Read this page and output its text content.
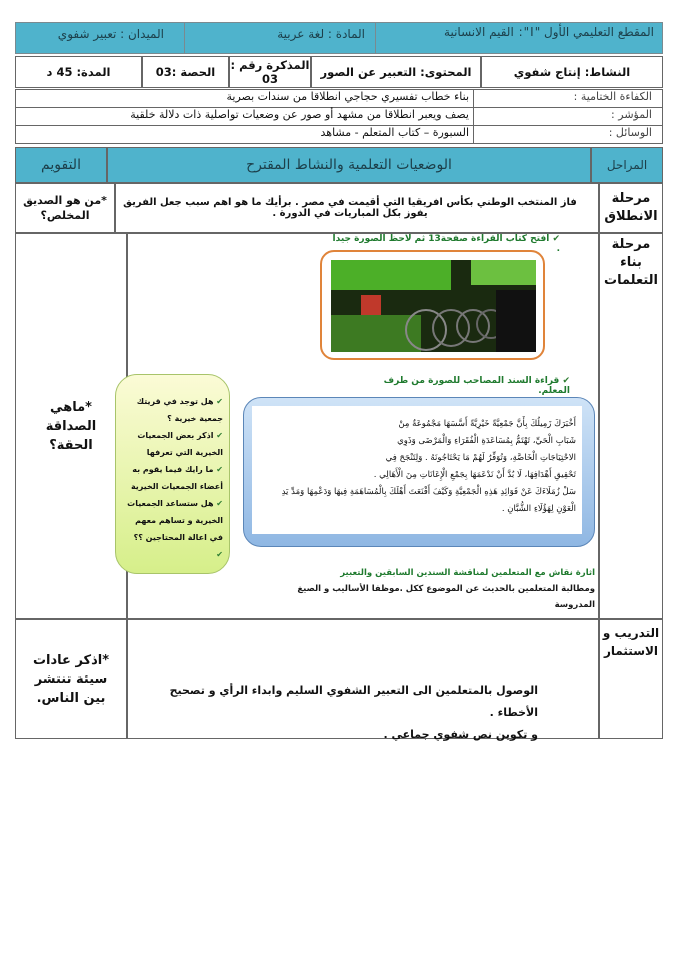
المقطع التعليمي الأول "I": القيم الانسانية
المادة : لغة عربية
الميدان : تعبير شفوي
النشاط: إنتاج شفوي
المحتوى: التعبير عن الصور
المذكرة رقم : 03
الحصة :03
المدة: 45 د
الكفاءة الختامية :
بناء خطاب تفسيري حجاجي انطلاقا من سندات بصرية
المؤشر :
يصف ويعبر انطلاقا من مشهد أو صور عن وضعيات تواصلية ذات دلالة خلقية
الوسائل :
السبورة – كتاب المتعلم - مشاهد
المراحل
الوضعيات التعلمية والنشاط المقترح
التقويم
مرحلة الانطلاق
فاز المنتخب الوطني بكأس افريقيا التي أقيمت في مصر . برأيك ما هو اهم سبب جعل الفريق يفوز بكل المباريات في الدورة .
*من هو الصديق المخلص؟
مرحلة بناء التعلمات
*ماهي الصداقة الحقة؟
✔ افتح كتاب القراءة صفحة13 ثم لاحظ الصورة جيدا .
✔ قراءة السند المصاحب للصورة من طرف المعلم.
أَخْبَرَكَ زَمِيلُكَ بِأَنَّ جَمْعِيَّةً خَيْرِيَّةً أَسَّسَهَا مَجْمُوعَةٌ مِنْ
شَبَابِ الْحَيِّ، تَهْتَمُّ بِمُسَاعَدَةِ الْفُقَرَاءِ وَالْمَرْضَى وَذَوِي
الاحْتِيَاجَاتِ الْخَاصَّةِ، وَتُوَفِّرُ لَهُمْ مَا يَحْتَاجُونَهُ . وَلِتَنْجَحَ فِي
تَحْقِيقِ أَهْدَافِهَا، لَا بُدَّ أَنْ نَدْعَمَهَا بِجَمْعِ الْإِعَانَاتِ مِنَ الْأَهَالِي .
سَلْ زُمَلَاءَكَ عَنْ فَوَائِدِ هَذِهِ الْجَمْعِيَّةِ وَكَيْفَ أَقْنَعَتَ أَهْلَكَ بِالْمُسَاهَمَةِ فِيهَا وَدَعْمِهَا وَمَدِّ يَدِ
الْعَوْنِ لِهَؤُلَاءِ الشُّبَّانِ .
✔ هل توجد في قريتك جمعية خيرية ؟
✔ اذكر بعض الجمعيات الخيرية التي تعرفها
✔ ما رايك فيما يقوم به أعضاء الجمعيات الخيرية
✔ هل ستساعد الجمعيات الخيرية و تساهم معهم في اعالة المحتاجين ؟؟
✔
اثارة نقاش مع المتعلمين لمناقشة السندين السابقين والتعبير
ومطالبة المتعلمين بالحديث عن الموضوع ككل .موظفا الأساليب و الصيغ المدروسة
التدريب و الاستثمار
الوصول بالمتعلمين الى التعبير الشفوي السليم وابداء الرأي و تصحيح الأخطاء .
و تكوين نص شفوي جماعي .
*اذكر عادات سيئة تنتشر بين الناس.
